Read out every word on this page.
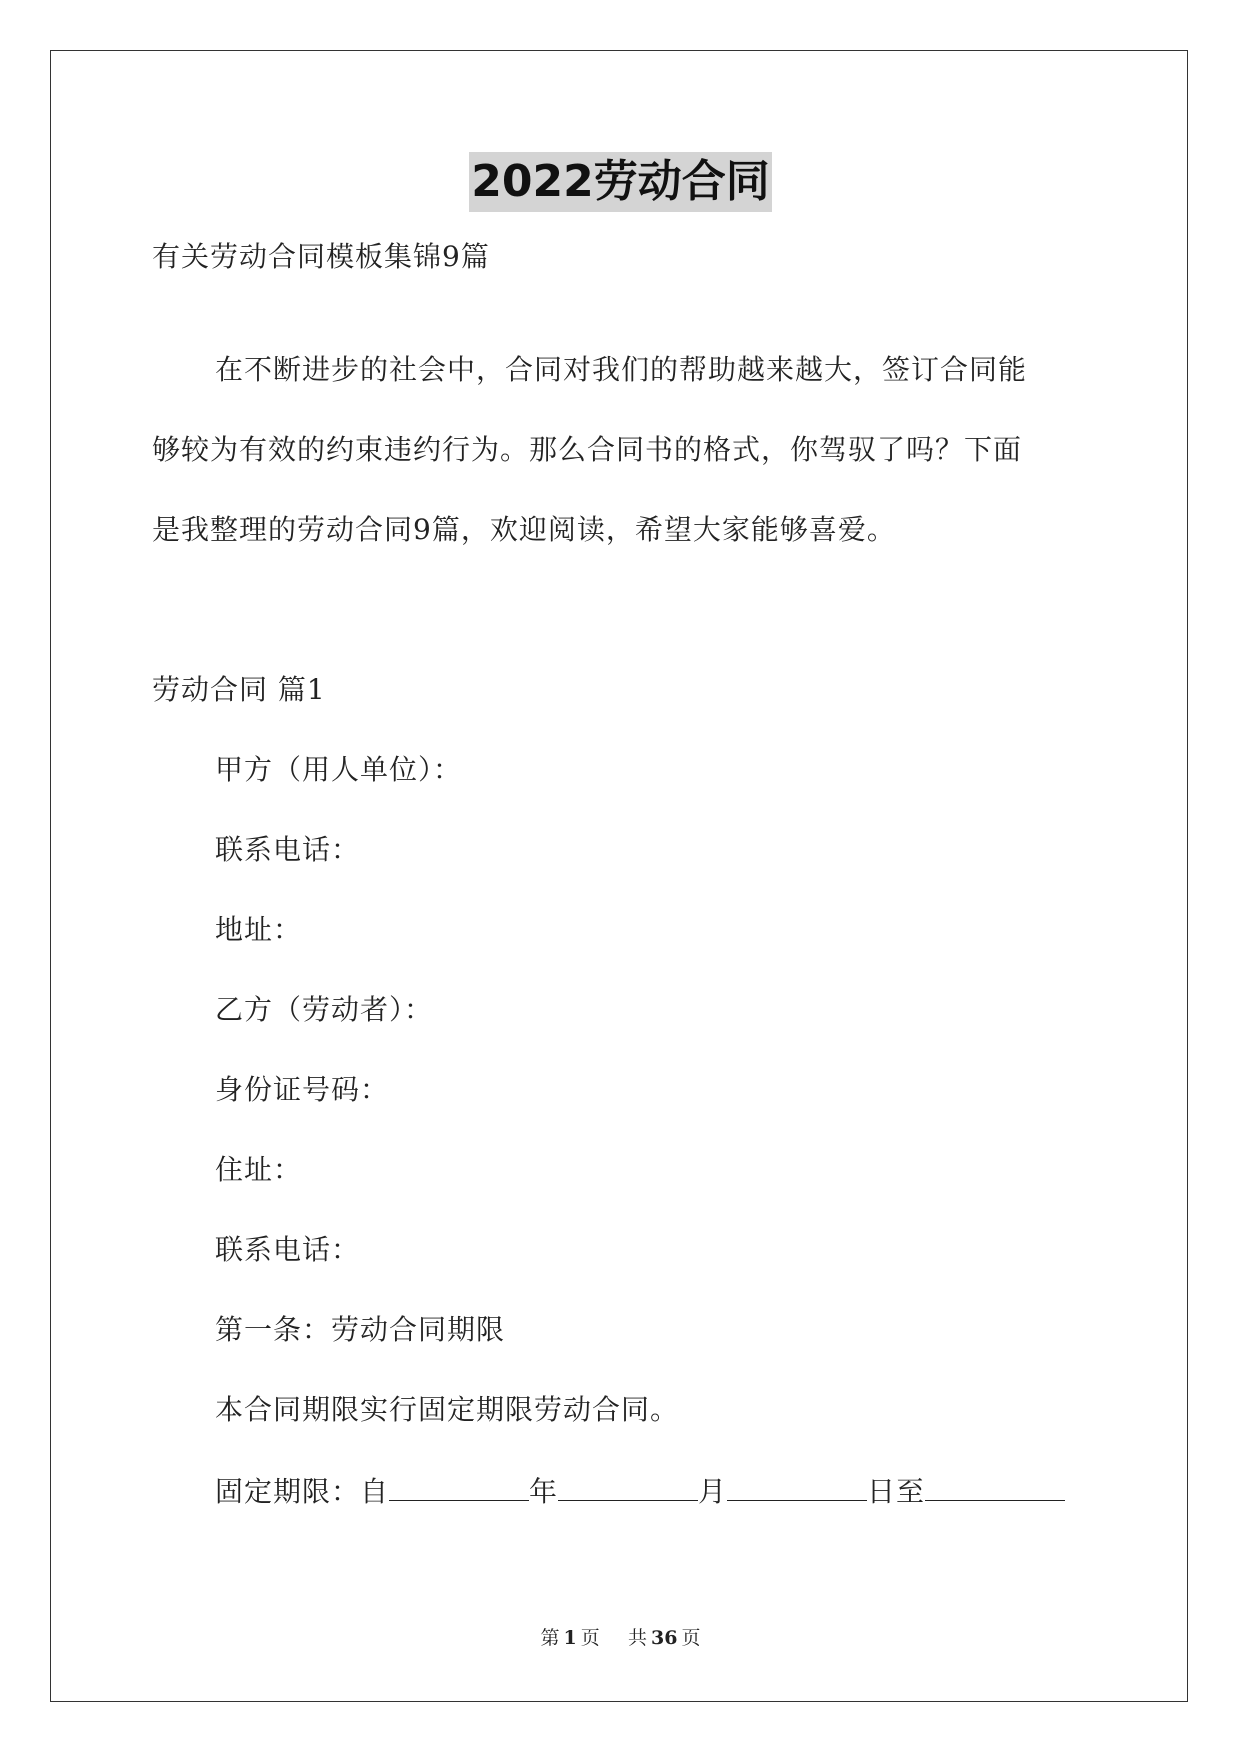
2022劳动合同
有关劳动合同模板集锦9篇
在不断进步的社会中，合同对我们的帮助越来越大，签订合同能
够较为有效的约束违约行为。那么合同书的格式，你驾驭了吗？下面
是我整理的劳动合同9篇，欢迎阅读，希望大家能够喜爱。
劳动合同 篇1
甲方（用人单位）：
联系电话：
地址：
乙方（劳动者）：
身份证号码：
住址：
联系电话：
第一条：劳动合同期限
本合同期限实行固定期限劳动合同。
固定期限：自	年	月	日至
第 1 页 共 36 页
